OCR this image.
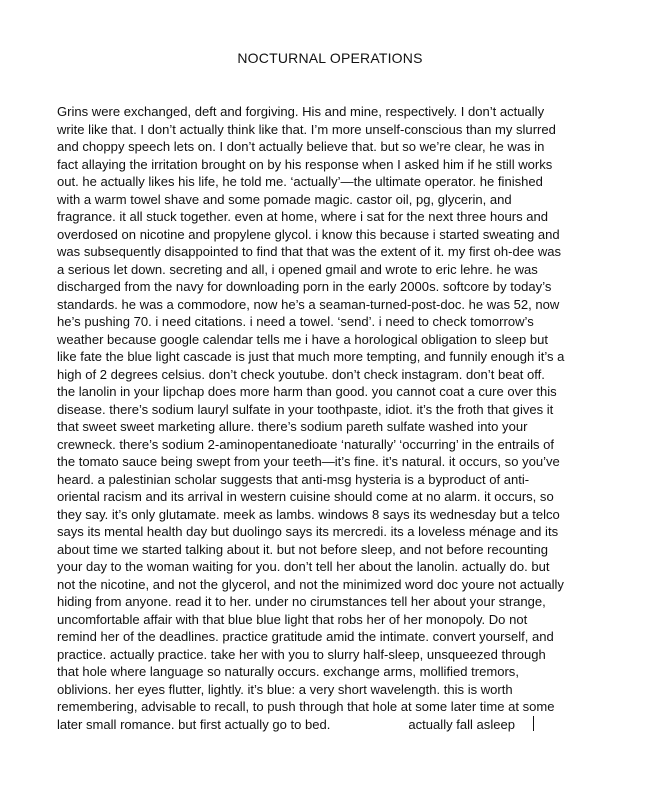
NOCTURNAL OPERATIONS
Grins were exchanged, deft and forgiving. His and mine, respectively. I don’t actually
write like that. I don’t actually think like that. I’m more unself-conscious than my slurred
and choppy speech lets on. I don’t actually believe that. but so we’re clear, he was in
fact allaying the irritation brought on by his response when I asked him if he still works
out. he actually likes his life, he told me. ‘actually’—the ultimate operator. he finished
with a warm towel shave and some pomade magic. castor oil, pg, glycerin, and
fragrance. it all stuck together. even at home, where i sat for the next three hours and
overdosed on nicotine and propylene glycol. i know this because i started sweating and
was subsequently disappointed to find that that was the extent of it. my first oh-dee was
a serious let down. secreting and all, i opened gmail and wrote to eric lehre. he was
discharged from the navy for downloading porn in the early 2000s. softcore by today’s
standards. he was a commodore, now he’s a seaman-turned-post-doc. he was 52, now
he’s pushing 70. i need citations. i need a towel. ‘send’. i need to check tomorrow’s
weather because google calendar tells me i have a horological obligation to sleep but
like fate the blue light cascade is just that much more tempting, and funnily enough it’s a
high of 2 degrees celsius. don’t check youtube. don’t check instagram. don’t beat off.
the lanolin in your lipchap does more harm than good. you cannot coat a cure over this
disease. there’s sodium lauryl sulfate in your toothpaste, idiot. it’s the froth that gives it
that sweet sweet marketing allure. there’s sodium pareth sulfate washed into your
crewneck. there’s sodium 2-aminopentanedioate ‘naturally’ ‘occurring’ in the entrails of
the tomato sauce being swept from your teeth—it’s fine. it’s natural. it occurs, so you’ve
heard. a palestinian scholar suggests that anti-msg hysteria is a byproduct of anti-
oriental racism and its arrival in western cuisine should come at no alarm. it occurs, so
they say. it’s only glutamate. meek as lambs. windows 8 says its wednesday but a telco
says its mental health day but duolingo says its mercredi. its a loveless ménage and its
about time we started talking about it. but not before sleep, and not before recounting
your day to the woman waiting for you. don’t tell her about the lanolin. actually do. but
not the nicotine, and not the glycerol, and not the minimized word doc youre not actually
hiding from anyone. read it to her. under no cirumstances tell her about your strange,
uncomfortable affair with that blue blue light that robs her of her monopoly. Do not
remind her of the deadlines. practice gratitude amid the intimate. convert yourself, and
practice. actually practice. take her with you to slurry half-sleep, unsqueezed through
that hole where language so naturally occurs. exchange arms, mollified tremors,
oblivions. her eyes flutter, lightly. it’s blue: a very short wavelength. this is worth
remembering, advisable to recall, to push through that hole at some later time at some
later small romance. but first actually go to bed.	actually fall asleep
